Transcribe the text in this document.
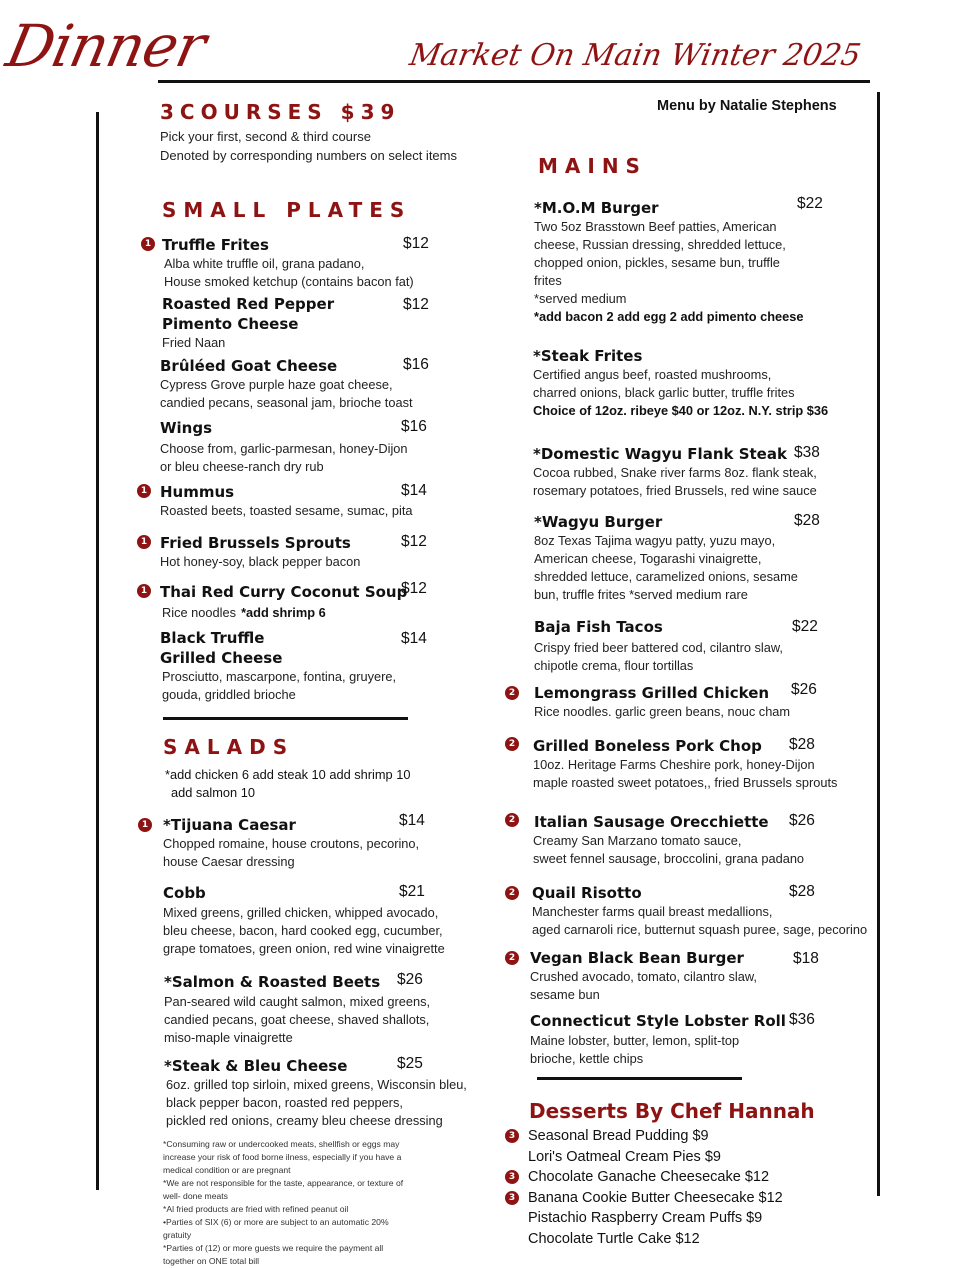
Dinner	Market On Main Winter 2025
Menu by Natalie Stephens
3COURSES $39
Pick your first, second & third course
Denoted by corresponding numbers on select items
SMALL PLATES
1 Truffle Frites	$12
Alba white truffle oil, grana padano,
House smoked ketchup (contains bacon fat)
Roasted Red Pepper
Pimento Cheese
$12
Fried Naan
Brûléed Goat Cheese	$16
Cypress Grove purple haze goat cheese,
candied pecans, seasonal jam, brioche toast
Wings	$16
Choose from, garlic-parmesan, honey-Dijon
or bleu cheese-ranch dry rub
1 Hummus	$14
Roasted beets, toasted sesame, sumac, pita
1 Fried Brussels Sprouts	$12
Hot honey-soy, black pepper bacon
1 Thai Red Curry Coconut Soup
$12
Rice noodles *add shrimp 6
Black Truffle
Grilled Cheese
$14
Prosciutto, mascarpone, fontina, gruyere,
gouda, griddled brioche
SALADS
*add chicken 6 add steak 10 add shrimp 10
add salmon 10
1 *Tijuana Caesar	$14
Chopped romaine, house croutons, pecorino,
house Caesar dressing
Cobb	$21
Mixed greens, grilled chicken, whipped avocado,
bleu cheese, bacon, hard cooked egg, cucumber,
grape tomatoes, green onion, red wine vinaigrette
*Salmon & Roasted Beets	$26
Pan-seared wild caught salmon, mixed greens,
candied pecans, goat cheese, shaved shallots,
miso-maple vinaigrette
*Steak & Bleu Cheese	$25
6oz. grilled top sirloin, mixed greens, Wisconsin bleu,
black pepper bacon, roasted red peppers,
pickled red onions, creamy bleu cheese dressing
*Consuming raw or undercooked meats, shellfish or eggs may
increase your risk of food borne ilness, especially if you have a
medical condition or are pregnant
*We are not responsible for the taste, appearance, or texture of
well- done meats
*Al fried products are fried with refined peanut oil
•Parties of SIX (6) or more are subject to an automatic 20%
gratuity
*Parties of (12) or more guests we require the payment all
together on ONE total bill
MAINS
*M.O.M Burger	$22
Two 5oz Brasstown Beef patties, American
cheese, Russian dressing, shredded lettuce,
chopped onion, pickles, sesame bun, truffle
frites
*served medium
*add bacon 2 add egg 2 add pimento cheese
*Steak Frites
Certified angus beef, roasted mushrooms,
charred onions, black garlic butter, truffle frites
Choice of 12oz. ribeye $40 or 12oz. N.Y. strip $36
*Domestic Wagyu Flank Steak $38
Cocoa rubbed, Snake river farms 8oz. flank steak,
rosemary potatoes, fried Brussels, red wine sauce
*Wagyu Burger	$28
8oz Texas Tajima wagyu patty, yuzu mayo,
American cheese, Togarashi vinaigrette,
shredded lettuce, caramelized onions, sesame
bun, truffle frites *served medium rare
Baja Fish Tacos	$22
Crispy fried beer battered cod, cilantro slaw,
chipotle crema, flour tortillas
2 Lemongrass Grilled Chicken	$26
Rice noodles. garlic green beans, nouc cham
2 Grilled Boneless Pork Chop	$28
10oz. Heritage Farms Cheshire pork, honey-Dijon
maple roasted sweet potatoes,, fried Brussels sprouts
2 Italian Sausage Orecchiette	$26
Creamy San Marzano tomato sauce,
sweet fennel sausage, broccolini, grana padano
2 Quail Risotto	$28
Manchester farms quail breast medallions,
aged carnaroli rice, butternut squash puree, sage, pecorino
2 Vegan Black Bean Burger	$18
Crushed avocado, tomato, cilantro slaw,
sesame bun
Connecticut Style Lobster Roll $36
Maine lobster, butter, lemon, split-top
brioche, kettle chips
Desserts By Chef Hannah
3 Seasonal Bread Pudding $9
Lori's Oatmeal Cream Pies $9
3 Chocolate Ganache Cheesecake $12
3 Banana Cookie Butter Cheesecake $12
Pistachio Raspberry Cream Puffs $9
Chocolate Turtle Cake $12
